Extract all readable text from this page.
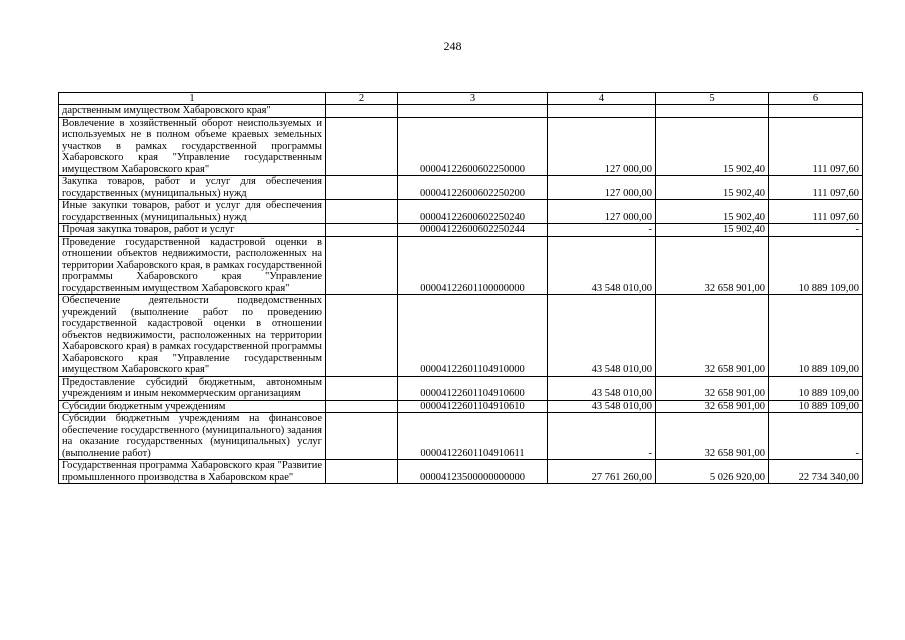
248
1	2	3	4	5	6
дарственным имуществом Хабаровского края"					
Вовлечение в хозяйственный оборот неиспользуемых и используемых не в полном объеме краевых земельных участков в рамках государственной программы Хабаровского края "Управление государственным имуществом Хабаровского края"		00004122600602250000	127 000,00	15 902,40	111 097,60
Закупка товаров, работ и услуг для обеспечения государственных (муниципальных) нужд		00004122600602250200	127 000,00	15 902,40	111 097,60
Иные закупки товаров, работ и услуг для обеспечения государственных (муниципальных) нужд		00004122600602250240	127 000,00	15 902,40	111 097,60
Прочая закупка товаров, работ и услуг		00004122600602250244	-	15 902,40	-
Проведение государственной кадастровой оценки в отношении объектов недвижимости, расположенных на территории Хабаровского края, в рамках государственной программы Хабаровского края "Управление государственным имуществом Хабаровского края"		00004122601100000000	43 548 010,00	32 658 901,00	10 889 109,00
Обеспечение деятельности подведомственных учреждений (выполнение работ по проведению государственной кадастровой оценки в отношении объектов недвижимости, расположенных на территории Хабаровского края) в рамках государственной программы Хабаровского края "Управление государственным имуществом Хабаровского края"		00004122601104910000	43 548 010,00	32 658 901,00	10 889 109,00
Предоставление субсидий бюджетным, автономным учреждениям и иным некоммерческим организациям		00004122601104910600	43 548 010,00	32 658 901,00	10 889 109,00
Субсидии бюджетным учреждениям		00004122601104910610	43 548 010,00	32 658 901,00	10 889 109,00
Субсидии бюджетным учреждениям на финансовое обеспечение государственного (муниципального) задания на оказание государственных (муниципальных) услуг (выполнение работ)		00004122601104910611	-	32 658 901,00	-
Государственная программа Хабаровского края "Развитие промышленного производства в Хабаровском крае"		00004123500000000000	27 761 260,00	5 026 920,00	22 734 340,00
